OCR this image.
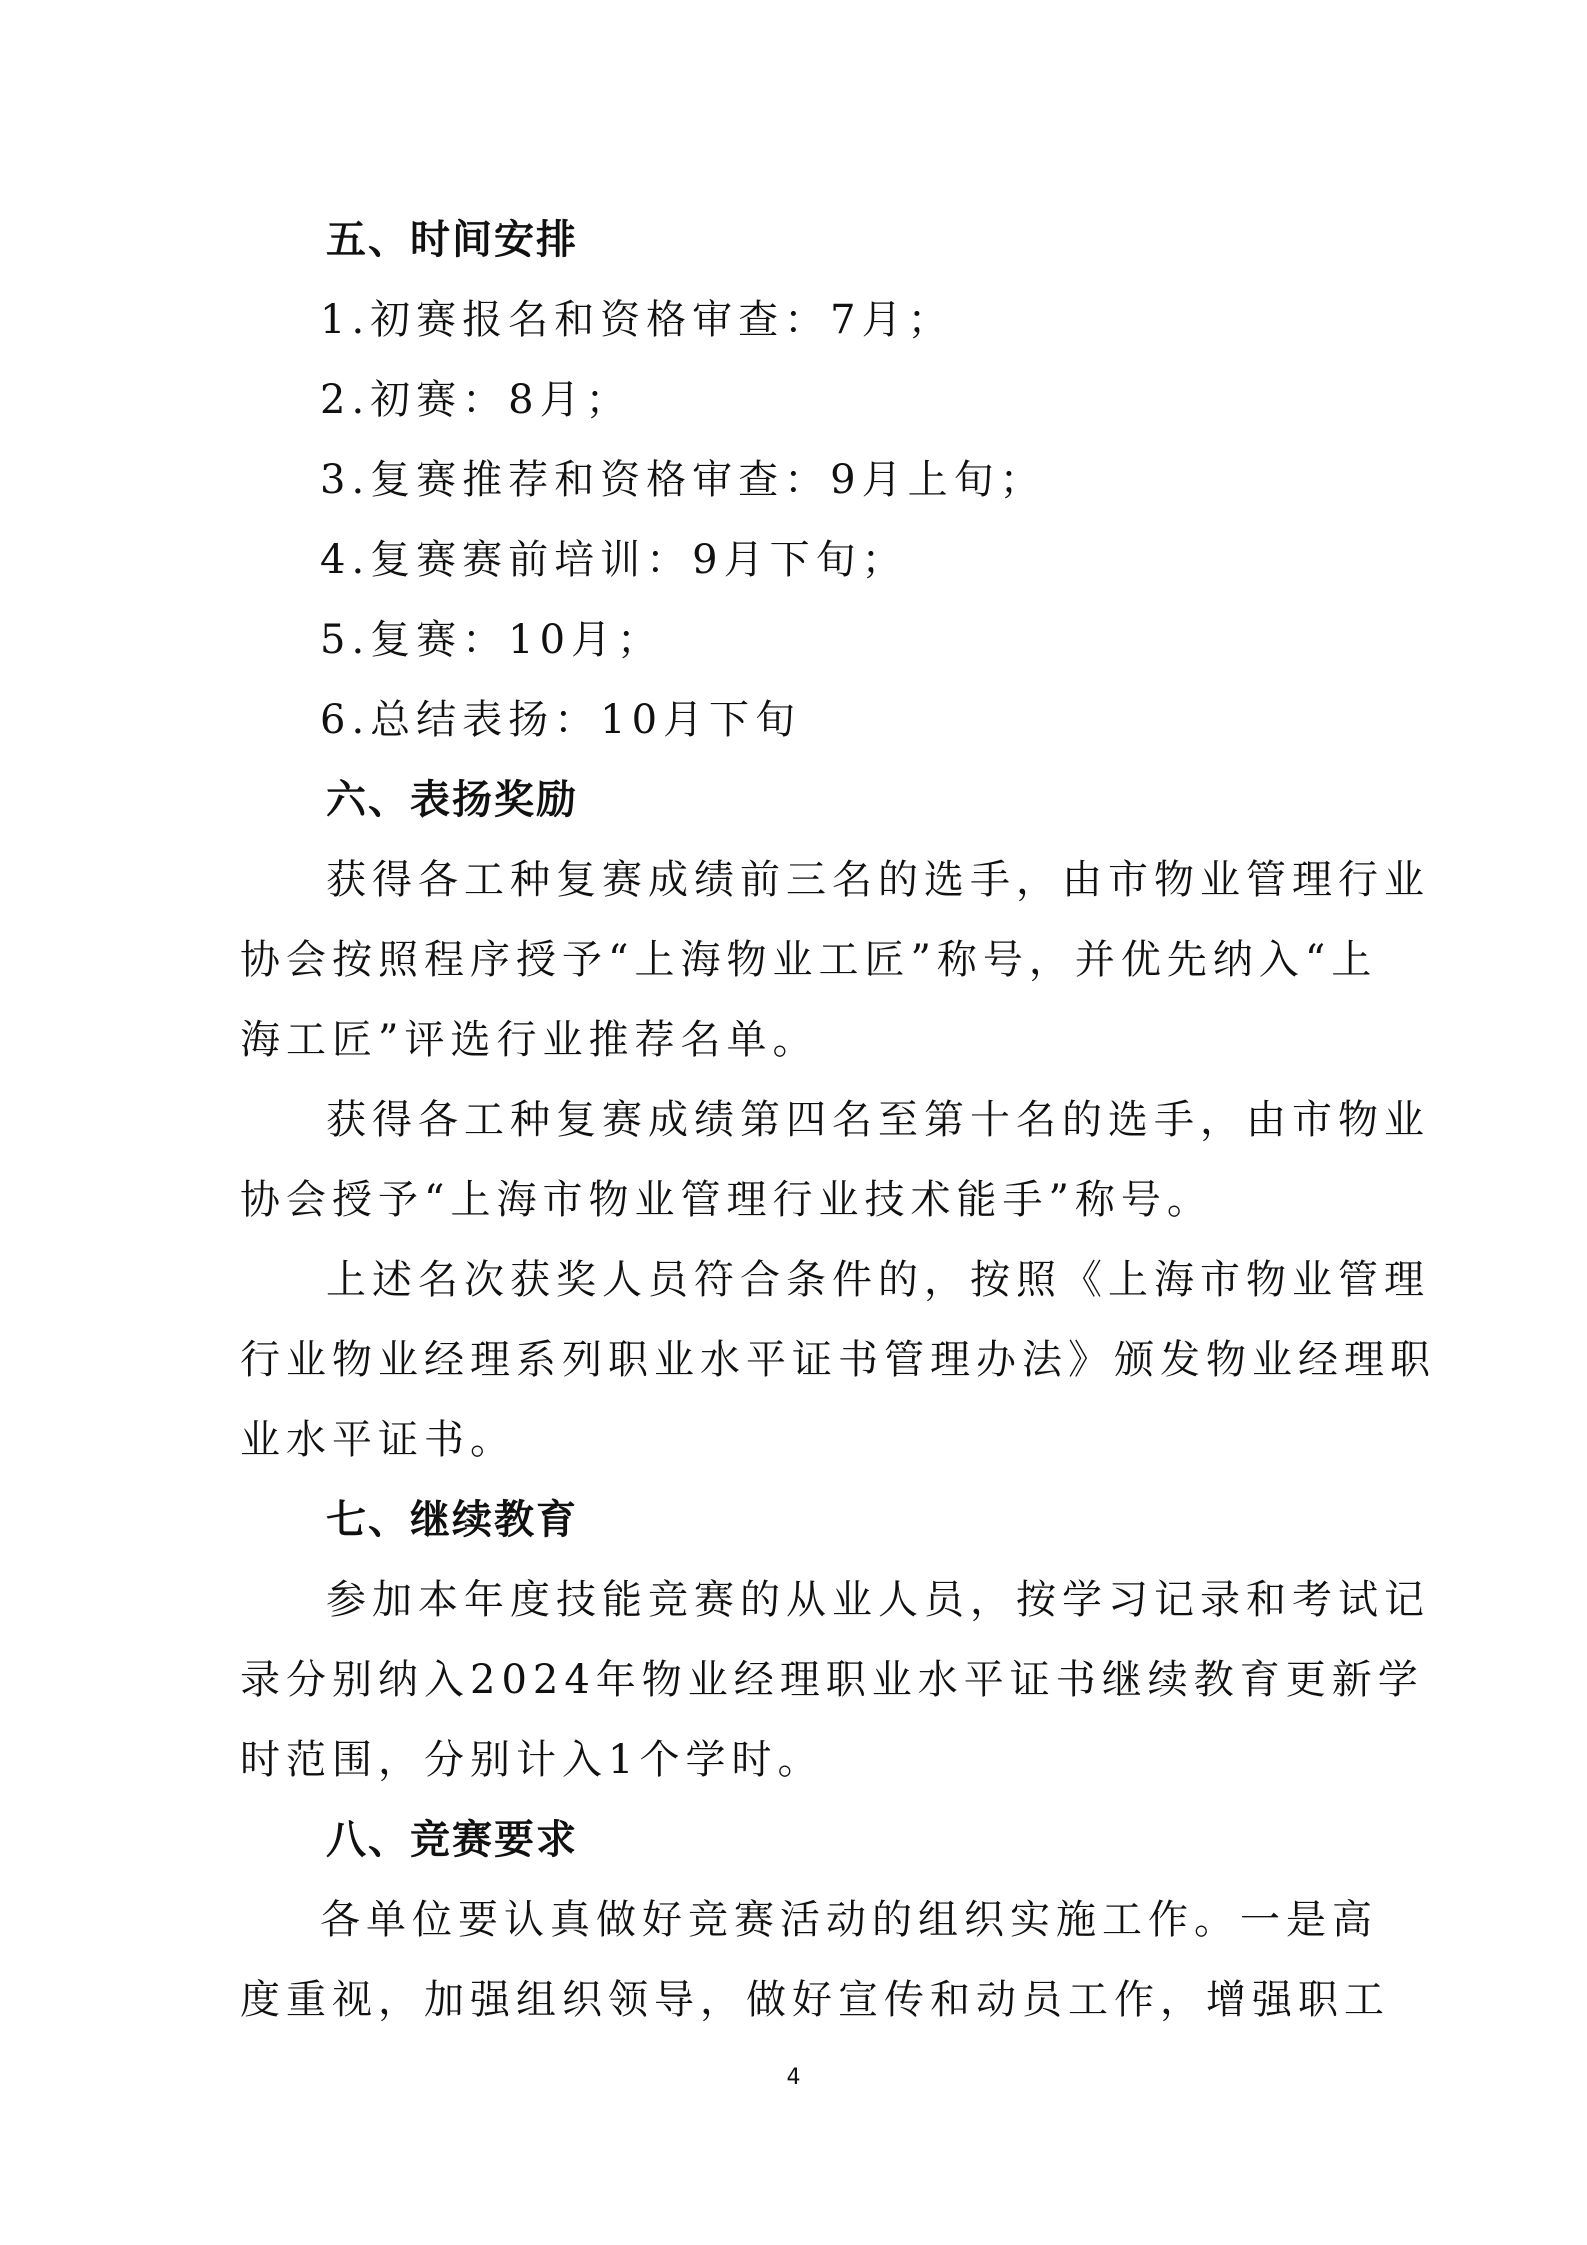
五、时间安排
1.初赛报名和资格审查：7月；
2.初赛：8月；
3.复赛推荐和资格审查：9月上旬；
4.复赛赛前培训：9月下旬；
5.复赛：10月；
6.总结表扬：10月下旬
六、表扬奖励
获得各工种复赛成绩前三名的选手，由市物业管理行业
协会按照程序授予“上海物业工匠”称号，并优先纳入“上
海工匠”评选行业推荐名单。
获得各工种复赛成绩第四名至第十名的选手，由市物业
协会授予“上海市物业管理行业技术能手”称号。
上述名次获奖人员符合条件的，按照《上海市物业管理
行业物业经理系列职业水平证书管理办法》颁发物业经理职
业水平证书。
七、继续教育
参加本年度技能竞赛的从业人员，按学习记录和考试记
录分别纳入2024年物业经理职业水平证书继续教育更新学
时范围，分别计入1个学时。
八、竞赛要求
各单位要认真做好竞赛活动的组织实施工作。一是高
度重视，加强组织领导，做好宣传和动员工作，增强职工
4
